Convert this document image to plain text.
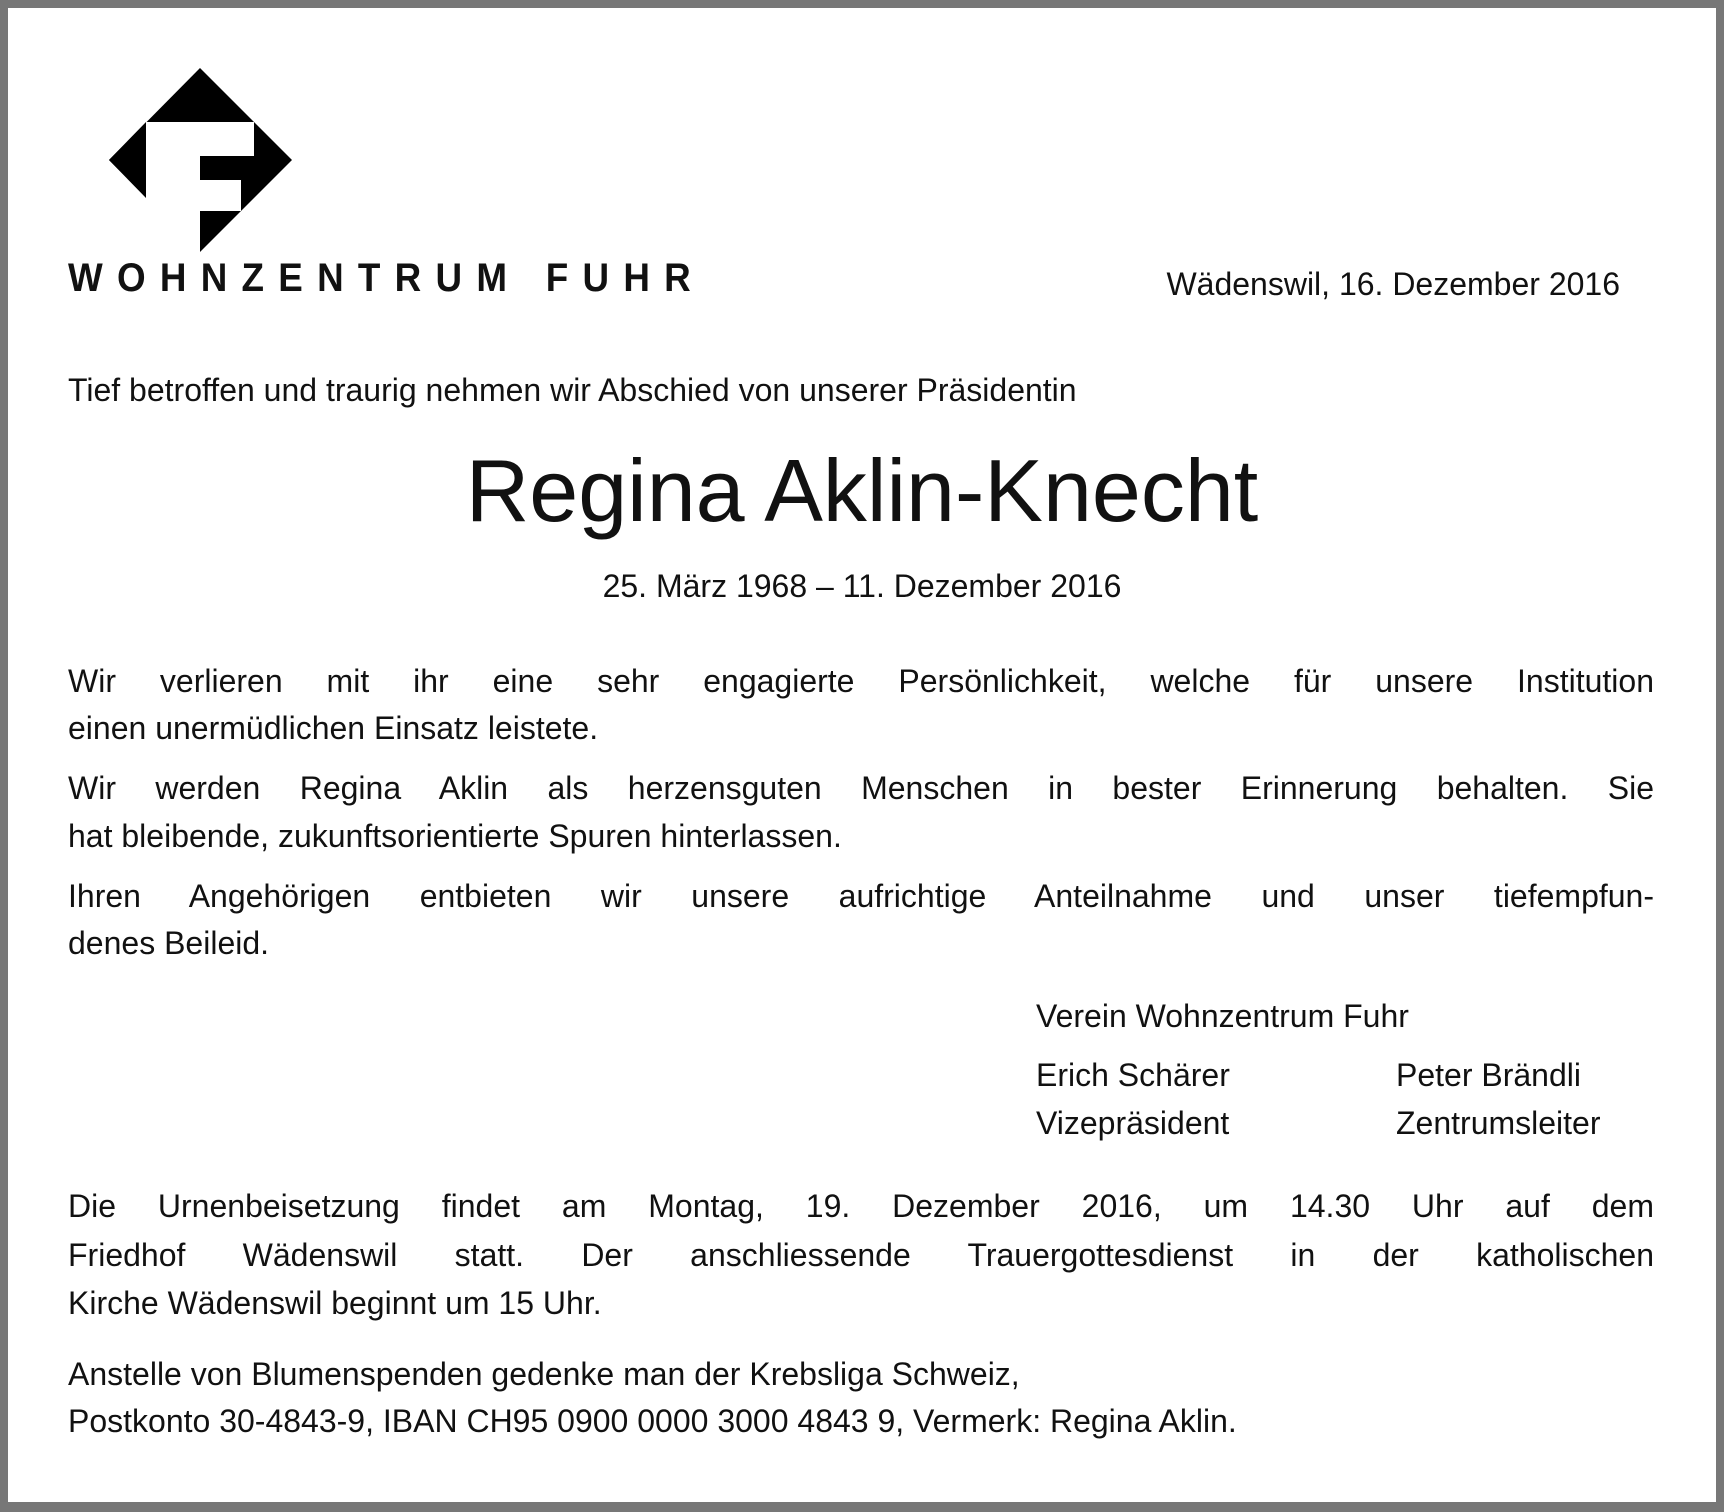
WOHNZENTRUM FUHR	Wädenswil, 16. Dezember 2016
Tief betroffen und traurig nehmen wir Abschied von unserer Präsidentin
Regina Aklin-Knecht
25. März 1968 – 11. Dezember 2016
Wir verlieren mit ihr eine sehr engagierte Persönlichkeit, welche für unsere Institution
einen unermüdlichen Einsatz leistete.
Wir werden Regina Aklin als herzensguten Menschen in bester Erinnerung behalten. Sie
hat bleibende, zukunftsorientierte Spuren hinterlassen.
Ihren Angehörigen entbieten wir unsere aufrichtige Anteilnahme und unser tiefempfun-
denes Beileid.
Verein Wohnzentrum Fuhr
Erich Schärer
Vizepräsident
Peter Brändli
Zentrumsleiter
Die Urnenbeisetzung findet am Montag, 19. Dezember 2016, um 14.30 Uhr auf dem
Friedhof Wädenswil statt. Der anschliessende Trauergottesdienst in der katholischen
Kirche Wädenswil beginnt um 15 Uhr.
Anstelle von Blumenspenden gedenke man der Krebsliga Schweiz,
Postkonto 30-4843-9, IBAN CH95 0900 0000 3000 4843 9, Vermerk: Regina Aklin.
